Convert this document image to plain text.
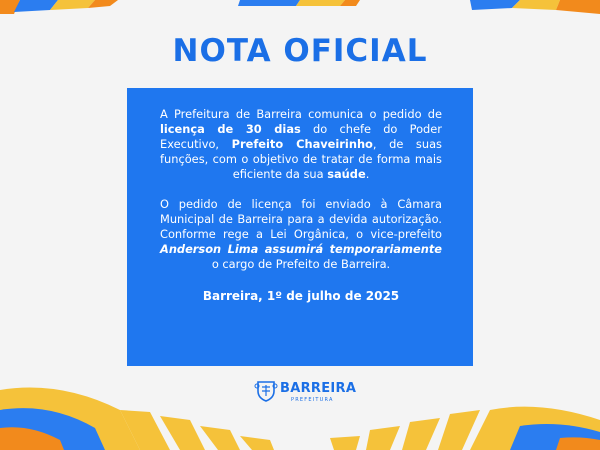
NOTA OFICIAL

A Prefeitura de Barreira comunica o pedido de licença de 30 dias do chefe do Poder Executivo, Prefeito Chaveirinho, de suas funções, com o objetivo de tratar de forma mais eficiente da sua saúde.

O pedido de licença foi enviado à Câmara Municipal de Barreira para a devida autorização. Conforme rege a Lei Orgânica, o vice-prefeito Anderson Lima assumirá temporariamente o cargo de Prefeito de Barreira.

Barreira, 1º de julho de 2025
BARREIRA
PREFEITURA
